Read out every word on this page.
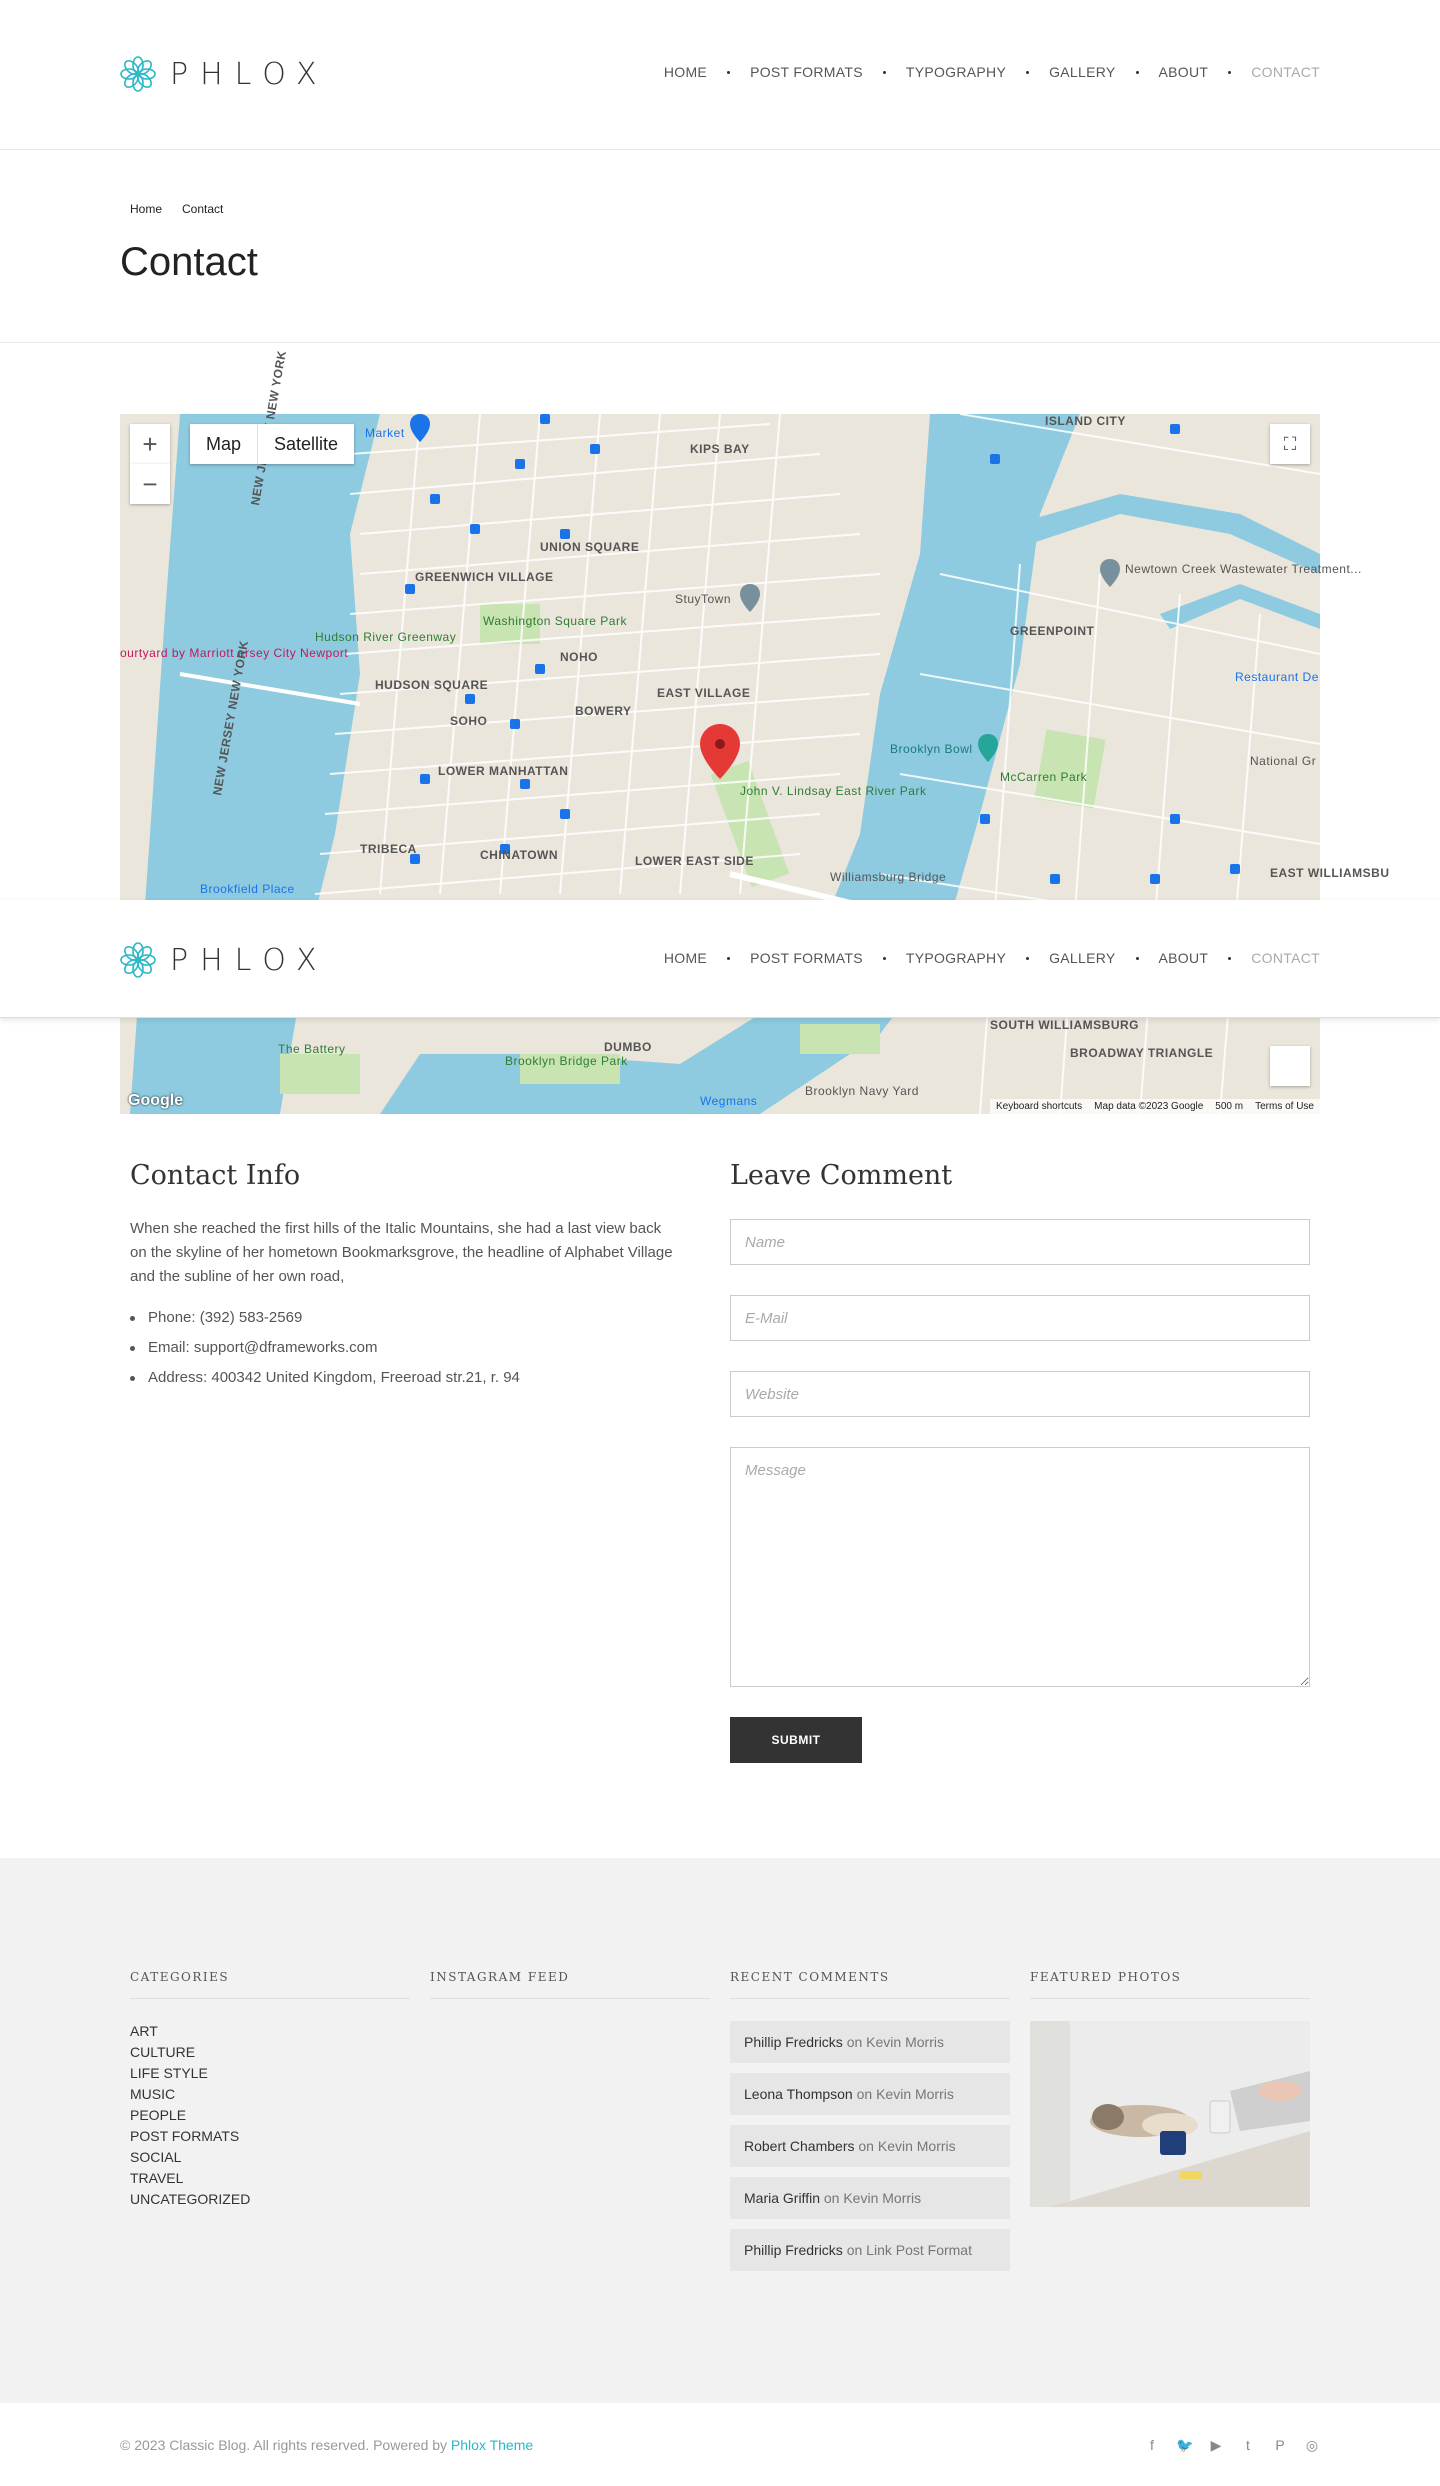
PHLOX	HOME	POST FORMATS	TYPOGRAPHY	GALLERY	ABOUT	CONTACT
Home Contact
Contact
Market
KIPS BAY
ISLAND CITY
UNION SQUARE
GREENWICH VILLAGE
StuyTown
Washington Square Park
Newtown Creek Wastewater Treatment...
GREENPOINT
Hudson River Greenway
NOHO
ourtyard by Marriott ersey City Newport
Restaurant De
HUDSON SQUARE
EAST VILLAGE
BOWERY
SOHO
Brooklyn Bowl
National Gr
McCarren Park
LOWER MANHATTAN
John V. Lindsay East River Park
TRIBECA	CHINATOWN	LOWER EAST SIDE
Williamsburg Bridge	EAST WILLIAMSBU
Brookfield Place
NEW JERSEY NEW YORK
SOUTH WILLIAMSBURG
BROADWAY TRIANGLE
The Battery	DUMBO
Brooklyn Bridge Park
Wegmans
Brooklyn Navy Yard
+
−
Map	Satellite	⛶
Google	Keyboard shortcuts Map data ©2023 Google 500 m Terms of Use
PHLOX	HOME	POST FORMATS	TYPOGRAPHY	GALLERY	ABOUT	CONTACT
Contact Info

When she reached the first hills of the Italic Mountains, she had a last view back on the skyline of her hometown Bookmarksgrove, the headline of Alphabet Village and the subline of her own road,

Phone: (392) 583-2569
Email: support@dframeworks.com
Address: 400342 United Kingdom, Freeroad str.21, r. 94
Leave Comment
Name
E-Mail
Website
Message SUBMIT
CATEGORIES
ART
CULTURE
LIFE STYLE
MUSIC
PEOPLE
POST FORMATS
SOCIAL
TRAVEL
UNCATEGORIZED
INSTAGRAM FEED	RECENT COMMENTS
Phillip Fredricks on Kevin Morris
Leona Thompson on Kevin Morris
Robert Chambers on Kevin Morris
Maria Griffin on Kevin Morris
Phillip Fredricks on Link Post Format
FEATURED PHOTOS
© 2023 Classic Blog. All rights reserved. Powered by Phlox Theme	f	🐦 ▶	t	P ◎
